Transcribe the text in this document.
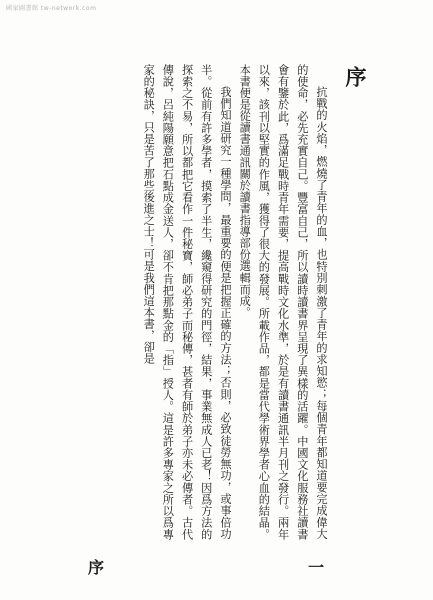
國家圖書館 tw-network.com
序

抗戰的火焰，燃燒了青年的血，也特別刺激了青年的求知慾；每個青年都知道要完成偉大的使命，必先充實自己。豐富自己，所以讀時讀書界呈現了異樣的活躍。中國文化服務社讀書會有鑒於此，爲滿足戰時青年需要，提高戰時文化水準，於是有讀書通訊半月刊之發行。兩年以來，該刊以堅實的作風，獲得了很大的發展。所載作品，都是當代學術界學者心血的結晶。本書便是從讀書通訊關於讀書指導部份選輯而成。

我們知道研究一種學問，最重要的便是把握正確的方法；否則，必致徒勞無功，或事倍功半。從前有許多學者，摸索了半生，纔窺得研究的門徑，結果，事業無成人已老！因爲方法的探索之不易，所以都把它看作一件秘寶，師必弟子而秘傳，甚者有師於弟子亦未必傳者。古代傳說，呂純陽願意把石點成金送人，卻不肯把那點金的「指」授人。這是許多專家之所以爲專家的秘訣，只是苦了那些後進之士！可是我們這本書，卻是

序	一
